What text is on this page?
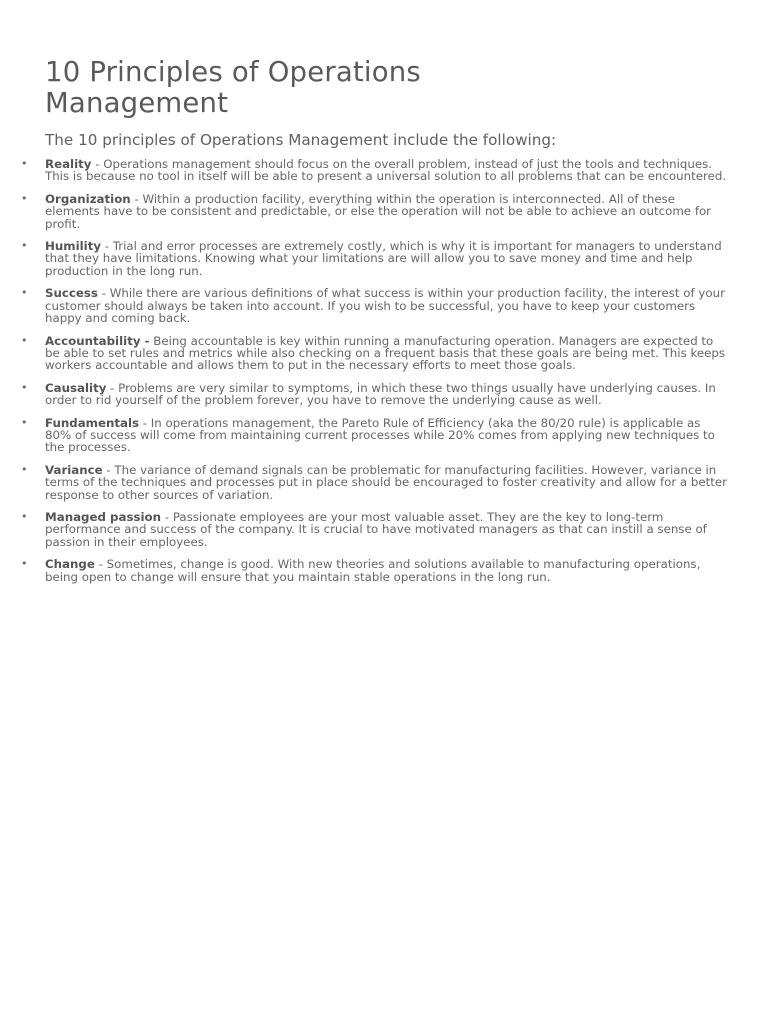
10 Principles of Operations Management

The 10 principles of Operations Management include the following:

• Reality - Operations management should focus on the overall problem, instead of just the tools and techniques. This is because no tool in itself will be able to present a universal solution to all problems that can be encountered.
• Organization - Within a production facility, everything within the operation is interconnected. All of these elements have to be consistent and predictable, or else the operation will not be able to achieve an outcome for profit.
• Humility - Trial and error processes are extremely costly, which is why it is important for managers to understand that they have limitations. Knowing what your limitations are will allow you to save money and time and help production in the long run.
• Success - While there are various definitions of what success is within your production facility, the interest of your customer should always be taken into account. If you wish to be successful, you have to keep your customers happy and coming back.
• Accountability - Being accountable is key within running a manufacturing operation. Managers are expected to be able to set rules and metrics while also checking on a frequent basis that these goals are being met. This keeps workers accountable and allows them to put in the necessary efforts to meet those goals.
• Causality - Problems are very similar to symptoms, in which these two things usually have underlying causes. In order to rid yourself of the problem forever, you have to remove the underlying cause as well.
• Fundamentals - In operations management, the Pareto Rule of Efficiency (aka the 80/20 rule) is applicable as 80% of success will come from maintaining current processes while 20% comes from applying new techniques to the processes.
• Variance - The variance of demand signals can be problematic for manufacturing facilities. However, variance in terms of the techniques and processes put in place should be encouraged to foster creativity and allow for a better response to other sources of variation.
• Managed passion - Passionate employees are your most valuable asset. They are the key to long-term performance and success of the company. It is crucial to have motivated managers as that can instill a sense of passion in their employees.
• Change - Sometimes, change is good. With new theories and solutions available to manufacturing operations, being open to change will ensure that you maintain stable operations in the long run.
